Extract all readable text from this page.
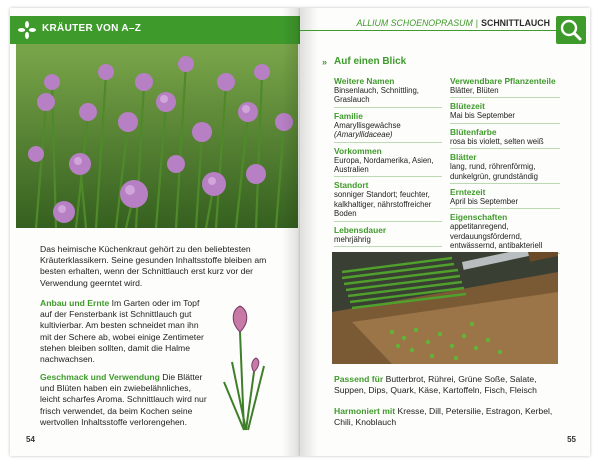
KRÄUTER VON A–Z
Das heimische Küchenkraut gehört zu den beliebtesten Kräuterklassikern. Seine gesunden Inhaltsstoffe bleiben am besten erhalten, wenn der Schnittlauch erst kurz vor der Verwendung geerntet wird.
Anbau und Ernte Im Garten oder im Topf auf der Fensterbank ist Schnittlauch gut kultivierbar. Am besten schneidet man ihn mit der Schere ab, wobei einige Zentimeter stehen bleiben sollten, damit die Halme nachwachsen.
Geschmack und Verwendung Die Blätter und Blüten haben ein zwiebelähnliches, leicht scharfes Aroma. Schnittlauch wird nur frisch verwendet, da beim Kochen seine wertvollen Inhaltsstoffe verlorengehen.
54
ALLIUM SCHOENOPRASUM | SCHNITTLAUCH
» Auf einen Blick
Weitere Namen
Binsenlauch, Schnittling, Graslauch
Familie
Amaryllisgewächse
(Amaryllidaceae)
Vorkommen
Europa, Nordamerika, Asien, Australien
Standort
sonniger Standort; feuchter, kalkhaltiger, nährstoffreicher Boden
Lebensdauer
mehrjährig
Verwendbare Pflanzenteile
Blätter, Blüten
Blütezeit
Mai bis September
Blütenfarbe
rosa bis violett, selten weiß
Blätter
lang, rund, röhrenförmig, dunkelgrün, grundständig
Erntezeit
April bis September
Eigenschaften
appetitanregend, verdauungsfördernd, entwässernd, antibakteriell
Passend für Butterbrot, Rührei, Grüne Soße, Salate, Suppen, Dips, Quark, Käse, Kartoffeln, Fisch, Fleisch
Harmoniert mit Kresse, Dill, Petersilie, Estragon, Kerbel, Chili, Knoblauch
55
